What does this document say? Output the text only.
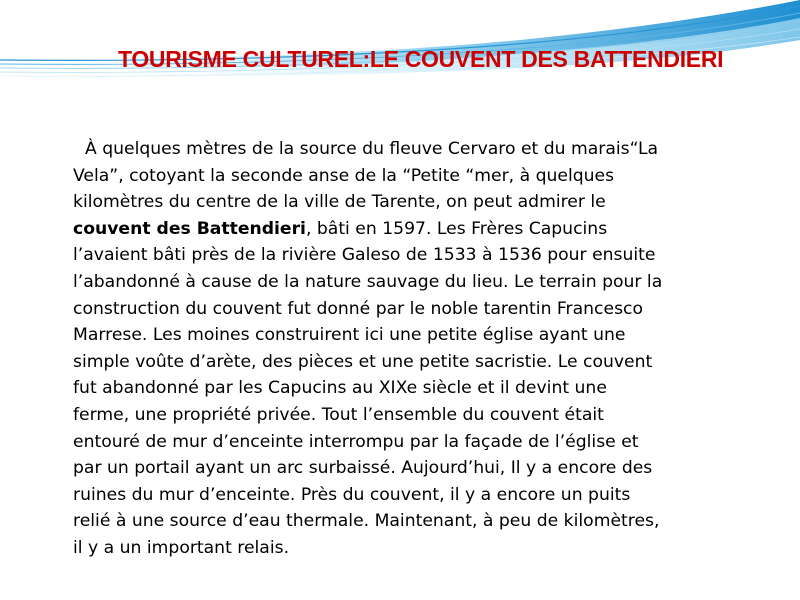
TOURISME CULTUREL:LE COUVENT DES BATTENDIERI

À quelques mètres de la source du fleuve Cervaro et du marais“La
Vela”, cotoyant la seconde anse de la “Petite “mer, à quelques
kilomètres du centre de la ville de Tarente, on peut admirer le
couvent des Battendieri, bâti en 1597. Les Frères Capucins
l’avaient bâti près de la rivière Galeso de 1533 à 1536 pour ensuite
l’abandonné à cause de la nature sauvage du lieu. Le terrain pour la
construction du couvent fut donné par le noble tarentin Francesco
Marrese. Les moines construirent ici une petite église ayant une
simple voûte d’arète, des pièces et une petite sacristie. Le couvent
fut abandonné par les Capucins au XIXe siècle et il devint une
ferme, une propriété privée. Tout l’ensemble du couvent était
entouré de mur d’enceinte interrompu par la façade de l’église et
par un portail ayant un arc surbaissé. Aujourd’hui, Il y a encore des
ruines du mur d’enceinte. Près du couvent, il y a encore un puits
relié à une source d’eau thermale. Maintenant, à peu de kilomètres,
il y a un important relais.
